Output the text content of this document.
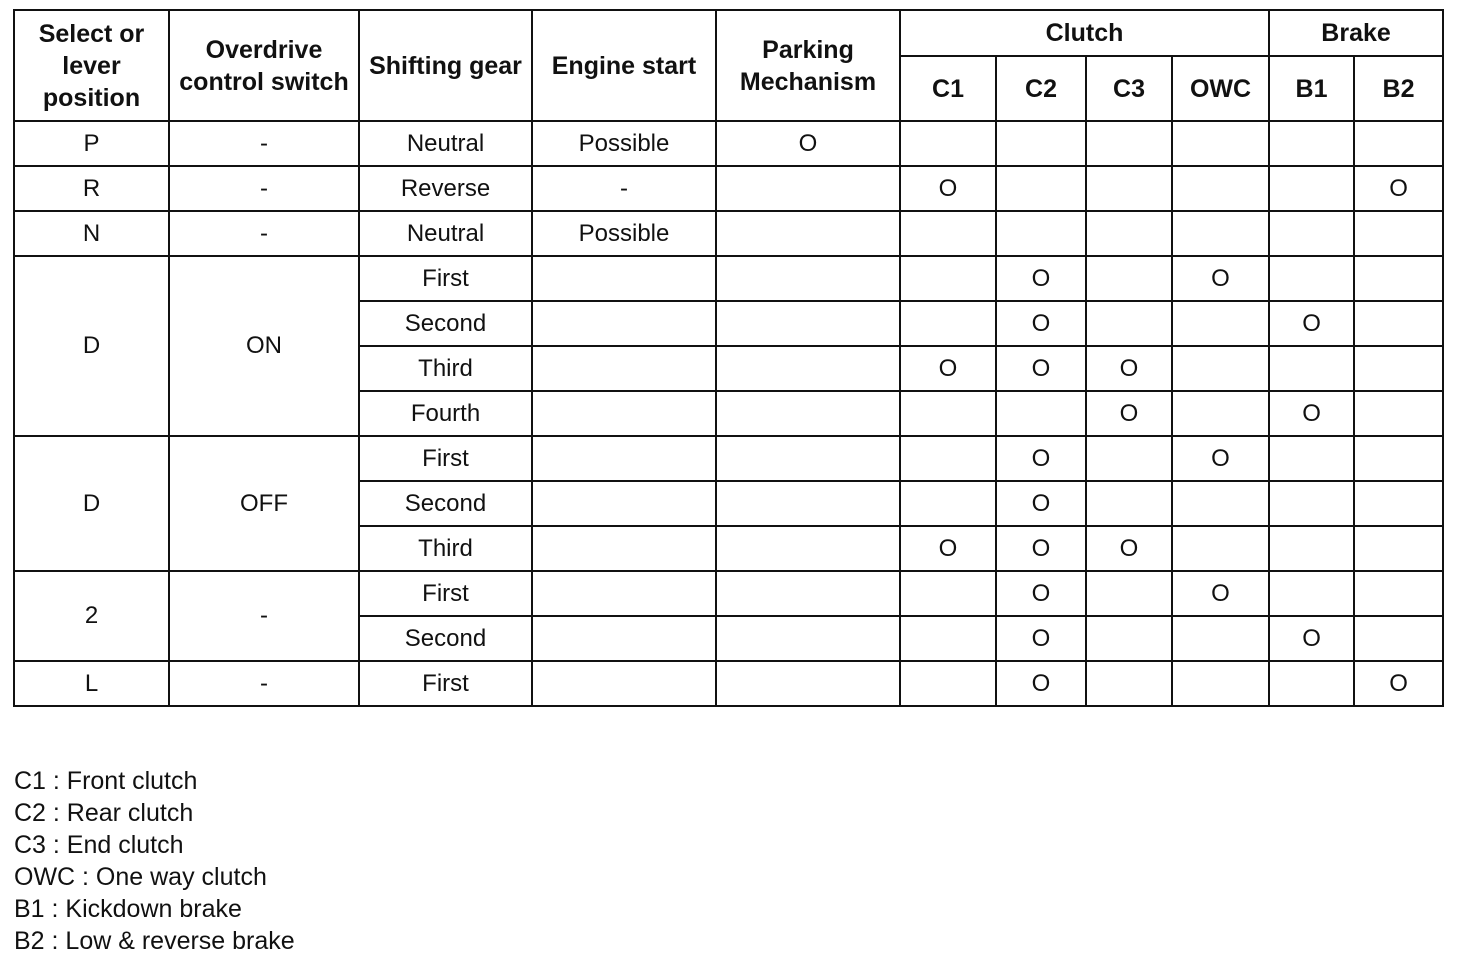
Select or lever position	Overdrive control switch	Shifting gear	Engine start	Parking Mechanism	Clutch				Brake	
					C1	C2	C3	OWC	B1	B2
P	-	Neutral	Possible	O						
R	-	Reverse	-		O					O
N	-	Neutral	Possible							
D	ON	First				O		O		
		Second				O			O	
		Third			O	O	O			
		Fourth					O		O	
D	OFF	First				O		O		
		Second				O				
		Third			O	O	O			
2	-	First				O		O		
		Second				O			O	
L	-	First				O				O
C1 : Front clutch
C2 : Rear clutch
C3 : End clutch
OWC : One way clutch
B1 : Kickdown brake
B2 : Low & reverse brake
